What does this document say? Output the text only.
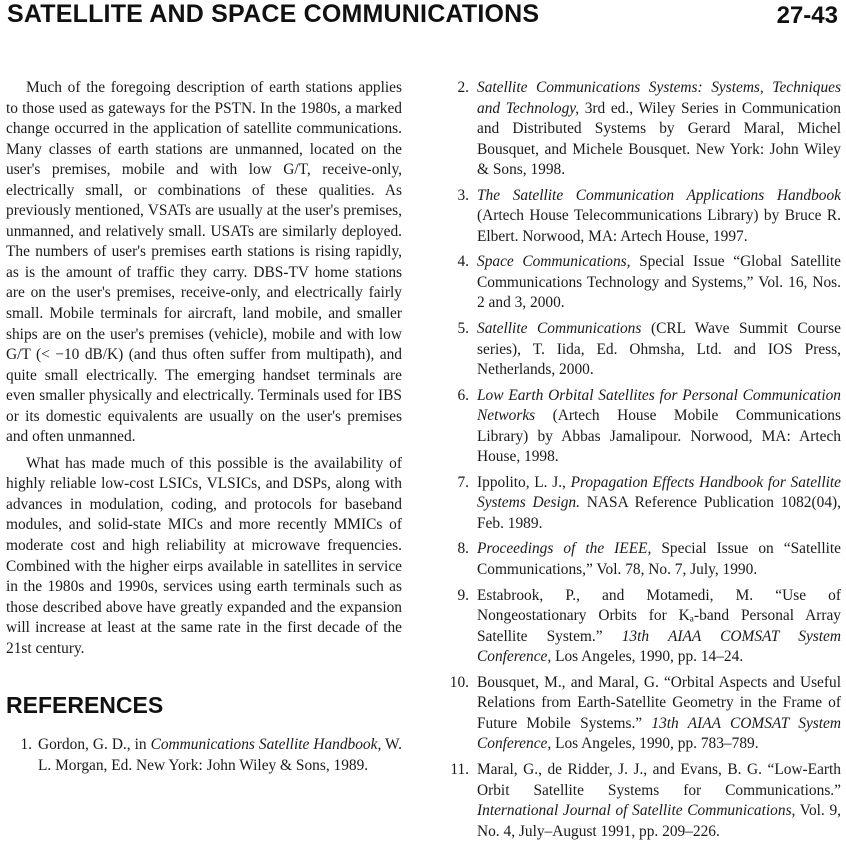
SATELLITE AND SPACE COMMUNICATIONS	27-43

Much of the foregoing description of earth stations applies to those used as gateways for the PSTN. In the 1980s, a marked change occurred in the application of satellite communications. Many classes of earth stations are unmanned, located on the user's premises, mobile and with low G/T, receive-only, electrically small, or combinations of these qualities. As previously mentioned, VSATs are usually at the user's premises, unmanned, and relatively small. USATs are similarly deployed. The numbers of user's premises earth stations is rising rapidly, as is the amount of traffic they carry. DBS-TV home stations are on the user's premises, receive-only, and electrically fairly small. Mobile terminals for aircraft, land mobile, and smaller ships are on the user's premises (vehicle), mobile and with low G/T (< −10 dB/K) (and thus often suffer from multipath), and quite small electrically. The emerging handset terminals are even smaller physically and electrically. Terminals used for IBS or its domestic equivalents are usually on the user's premises and often unmanned.

What has made much of this possible is the availability of highly reliable low-cost LSICs, VLSICs, and DSPs, along with advances in modulation, coding, and protocols for baseband modules, and solid-state MICs and more recently MMICs of moderate cost and high reliability at microwave frequencies. Combined with the higher eirps available in satellites in service in the 1980s and 1990s, services using earth terminals such as those described above have greatly expanded and the expansion will increase at least at the same rate in the first decade of the 21st century.

REFERENCES
1. Gordon, G. D., in Communications Satellite Handbook, W. L. Morgan, Ed. New York: John Wiley & Sons, 1989.
2. Satellite Communications Systems: Systems, Techniques and Technology, 3rd ed., Wiley Series in Communication and Distributed Systems by Gerard Maral, Michel Bousquet, and Michele Bousquet. New York: John Wiley & Sons, 1998.
3. The Satellite Communication Applications Handbook (Artech House Telecommunications Library) by Bruce R. Elbert. Norwood, MA: Artech House, 1997.
4. Space Communications, Special Issue “Global Satellite Communications Technology and Systems,” Vol. 16, Nos. 2 and 3, 2000.
5. Satellite Communications (CRL Wave Summit Course series), T. Iida, Ed. Ohmsha, Ltd. and IOS Press, Netherlands, 2000.
6. Low Earth Orbital Satellites for Personal Communication Networks (Artech House Mobile Communications Library) by Abbas Jamalipour. Norwood, MA: Artech House, 1998.
7. Ippolito, L. J., Propagation Effects Handbook for Satellite Systems Design. NASA Reference Publication 1082(04), Feb. 1989.
8. Proceedings of the IEEE, Special Issue on “Satellite Communications,” Vol. 78, No. 7, July, 1990.
9. Estabrook, P., and Motamedi, M. “Use of Nongeostationary Orbits for Kₐ-band Personal Array Satellite System.” 13th AIAA COMSAT System Conference, Los Angeles, 1990, pp. 14–24.
10. Bousquet, M., and Maral, G. “Orbital Aspects and Useful Relations from Earth-Satellite Geometry in the Frame of Future Mobile Systems.” 13th AIAA COMSAT System Conference, Los Angeles, 1990, pp. 783–789.
11. Maral, G., de Ridder, J. J., and Evans, B. G. “Low-Earth Orbit Satellite Systems for Communications.” International Journal of Satellite Communications, Vol. 9, No. 4, July–August 1991, pp. 209–226.
